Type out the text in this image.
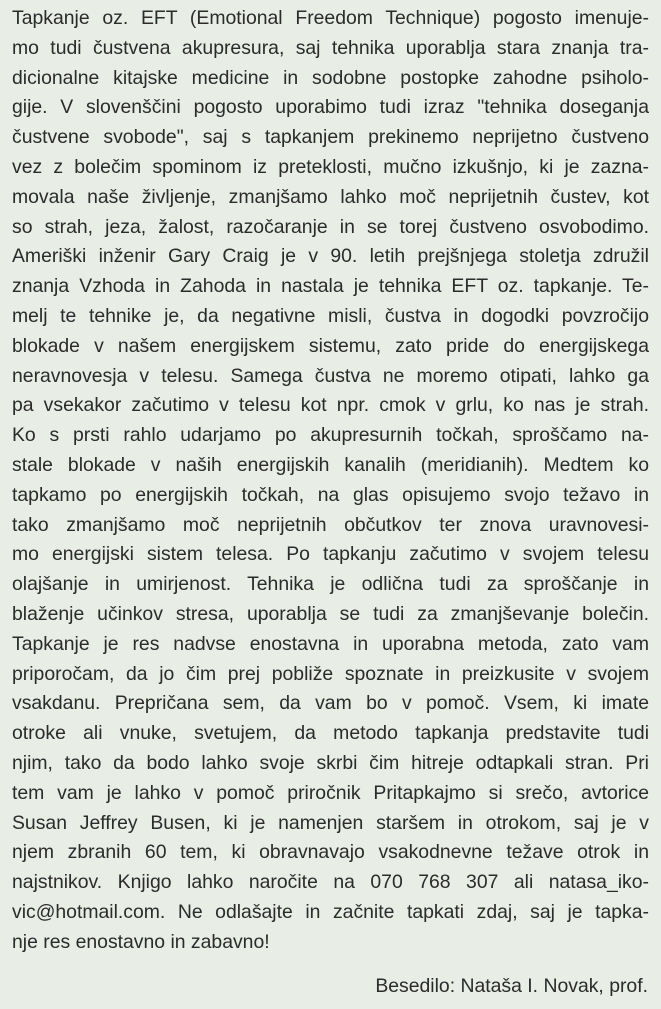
Tapkanje oz. EFT (Emotional Freedom Technique) pogosto imenuje-
mo tudi čustvena akupresura, saj tehnika uporablja stara znanja tra-
dicionalne kitajske medicine in sodobne postopke zahodne psiholo-
gije. V slovenščini pogosto uporabimo tudi izraz "tehnika doseganja
čustvene svobode", saj s tapkanjem prekinemo neprijetno čustveno
vez z bolečim spominom iz preteklosti, mučno izkušnjo, ki je zazna-
movala naše življenje, zmanjšamo lahko moč neprijetnih čustev, kot
so strah, jeza, žalost, razočaranje in se torej čustveno osvobodimo.
Ameriški inženir Gary Craig je v 90. letih prejšnjega stoletja združil
znanja Vzhoda in Zahoda in nastala je tehnika EFT oz. tapkanje. Te-
melj te tehnike je, da negativne misli, čustva in dogodki povzročijo
blokade v našem energijskem sistemu, zato pride do energijskega
neravnovesja v telesu. Samega čustva ne moremo otipati, lahko ga
pa vsekakor začutimo v telesu kot npr. cmok v grlu, ko nas je strah.
Ko s prsti rahlo udarjamo po akupresurnih točkah, sproščamo na-
stale blokade v naših energijskih kanalih (meridianih). Medtem ko
tapkamo po energijskih točkah, na glas opisujemo svojo težavo in
tako zmanjšamo moč neprijetnih občutkov ter znova uravnovesi-
mo energijski sistem telesa. Po tapkanju začutimo v svojem telesu
olajšanje in umirjenost. Tehnika je odlična tudi za sproščanje in
blaženje učinkov stresa, uporablja se tudi za zmanjševanje bolečin.
Tapkanje je res nadvse enostavna in uporabna metoda, zato vam
priporočam, da jo čim prej pobliže spoznate in preizkusite v svojem
vsakdanu. Prepričana sem, da vam bo v pomoč. Vsem, ki imate
otroke ali vnuke, svetujem, da metodo tapkanja predstavite tudi
njim, tako da bodo lahko svoje skrbi čim hitreje odtapkali stran. Pri
tem vam je lahko v pomoč priročnik Pritapkajmo si srečo, avtorice
Susan Jeffrey Busen, ki je namenjen staršem in otrokom, saj je v
njem zbranih 60 tem, ki obravnavajo vsakodnevne težave otrok in
najstnikov. Knjigo lahko naročite na 070 768 307 ali natasa_iko-
vic@hotmail.com. Ne odlašajte in začnite tapkati zdaj, saj je tapka-
nje res enostavno in zabavno!

Besedilo: Nataša I. Novak, prof.
